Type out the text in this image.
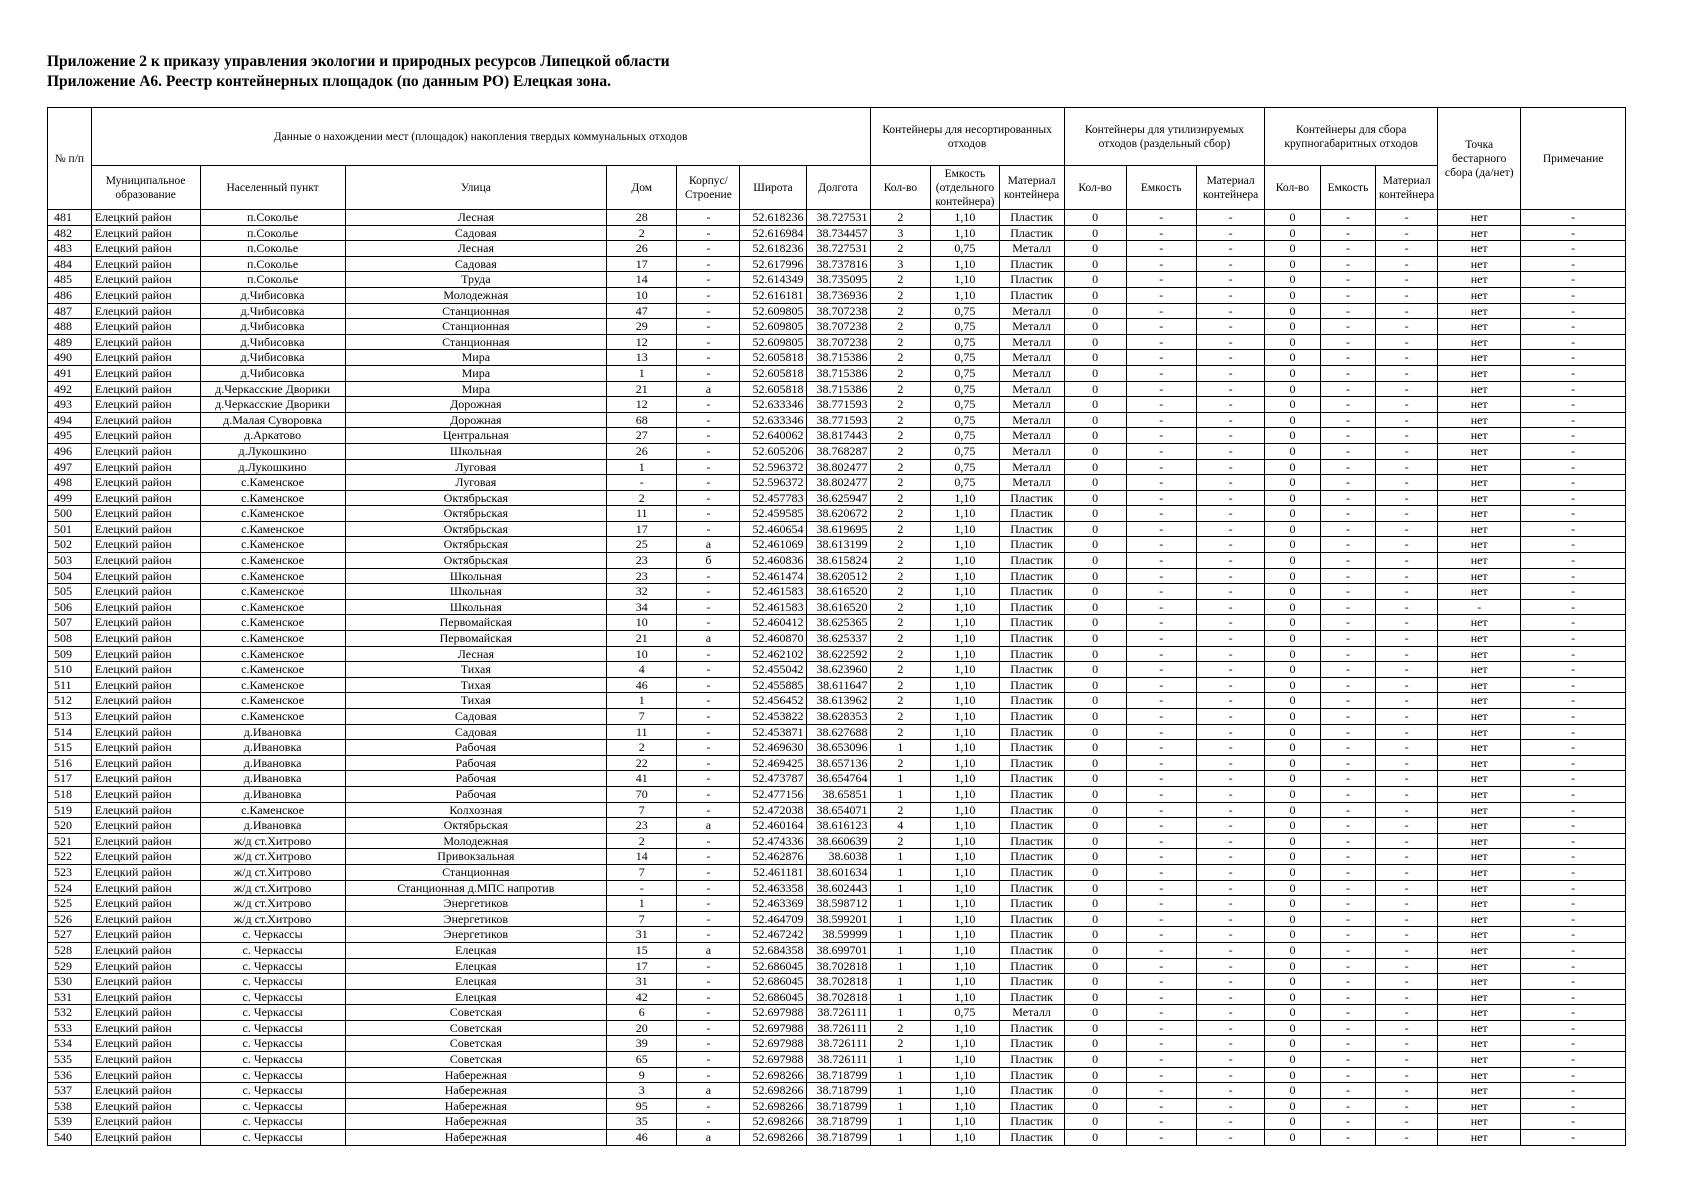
Приложение 2 к приказу управления экологии и природных ресурсов Липецкой области
Приложение А6. Реестр контейнерных площадок (по данным РО) Елецкая зона.
№ п/п	Данные о нахождении мест (площадок) накопления твердых коммунальных отходов							Контейнеры для несортированных отходов			Контейнеры для утилизируемых отходов (раздельный сбор)			Контейнеры для сбора крупногабаритных отходов			Точка бестарного сбора (да/нет)	Примечание
	Муниципальное образование	Населенный пункт	Улица	Дом	Корпус/ Строение	Широта	Долгота	Кол-во	Емкость (отдельного контейнера)	Материал контейнера	Кол-во	Емкость	Материал контейнера	Кол-во	Емкость	Материал контейнера		
481	Елецкий район	п.Соколье	Лесная	28	-	52.618236	38.727531	2	1,10	Пластик	0	-	-	0	-	-	нет	-
482	Елецкий район	п.Соколье	Садовая	2	-	52.616984	38.734457	3	1,10	Пластик	0	-	-	0	-	-	нет	-
483	Елецкий район	п.Соколье	Лесная	26	-	52.618236	38.727531	2	0,75	Металл	0	-	-	0	-	-	нет	-
484	Елецкий район	п.Соколье	Садовая	17	-	52.617996	38.737816	3	1,10	Пластик	0	-	-	0	-	-	нет	-
485	Елецкий район	п.Соколье	Труда	14	-	52.614349	38.735095	2	1,10	Пластик	0	-	-	0	-	-	нет	-
486	Елецкий район	д.Чибисовка	Молодежная	10	-	52.616181	38.736936	2	1,10	Пластик	0	-	-	0	-	-	нет	-
487	Елецкий район	д.Чибисовка	Станционная	47	-	52.609805	38.707238	2	0,75	Металл	0	-	-	0	-	-	нет	-
488	Елецкий район	д.Чибисовка	Станционная	29	-	52.609805	38.707238	2	0,75	Металл	0	-	-	0	-	-	нет	-
489	Елецкий район	д.Чибисовка	Станционная	12	-	52.609805	38.707238	2	0,75	Металл	0	-	-	0	-	-	нет	-
490	Елецкий район	д.Чибисовка	Мира	13	-	52.605818	38.715386	2	0,75	Металл	0	-	-	0	-	-	нет	-
491	Елецкий район	д.Чибисовка	Мира	1	-	52.605818	38.715386	2	0,75	Металл	0	-	-	0	-	-	нет	-
492	Елецкий район	д.Черкасские Дворики	Мира	21	а	52.605818	38.715386	2	0,75	Металл	0	-	-	0	-	-	нет	-
493	Елецкий район	д.Черкасские Дворики	Дорожная	12	-	52.633346	38.771593	2	0,75	Металл	0	-	-	0	-	-	нет	-
494	Елецкий район	д.Малая Суворовка	Дорожная	68	-	52.633346	38.771593	2	0,75	Металл	0	-	-	0	-	-	нет	-
495	Елецкий район	д.Аркатово	Центральная	27	-	52.640062	38.817443	2	0,75	Металл	0	-	-	0	-	-	нет	-
496	Елецкий район	д.Лукошкино	Школьная	26	-	52.605206	38.768287	2	0,75	Металл	0	-	-	0	-	-	нет	-
497	Елецкий район	д.Лукошкино	Луговая	1	-	52.596372	38.802477	2	0,75	Металл	0	-	-	0	-	-	нет	-
498	Елецкий район	с.Каменское	Луговая	-	-	52.596372	38.802477	2	0,75	Металл	0	-	-	0	-	-	нет	-
499	Елецкий район	с.Каменское	Октябрьская	2	-	52.457783	38.625947	2	1,10	Пластик	0	-	-	0	-	-	нет	-
500	Елецкий район	с.Каменское	Октябрьская	11	-	52.459585	38.620672	2	1,10	Пластик	0	-	-	0	-	-	нет	-
501	Елецкий район	с.Каменское	Октябрьская	17	-	52.460654	38.619695	2	1,10	Пластик	0	-	-	0	-	-	нет	-
502	Елецкий район	с.Каменское	Октябрьская	25	а	52.461069	38.613199	2	1,10	Пластик	0	-	-	0	-	-	нет	-
503	Елецкий район	с.Каменское	Октябрьская	23	б	52.460836	38.615824	2	1,10	Пластик	0	-	-	0	-	-	нет	-
504	Елецкий район	с.Каменское	Школьная	23	-	52.461474	38.620512	2	1,10	Пластик	0	-	-	0	-	-	нет	-
505	Елецкий район	с.Каменское	Школьная	32	-	52.461583	38.616520	2	1,10	Пластик	0	-	-	0	-	-	нет	-
506	Елецкий район	с.Каменское	Школьная	34	-	52.461583	38.616520	2	1,10	Пластик	0	-	-	0	-	-	-	-
507	Елецкий район	с.Каменское	Первомайская	10	-	52.460412	38.625365	2	1,10	Пластик	0	-	-	0	-	-	нет	-
508	Елецкий район	с.Каменское	Первомайская	21	а	52.460870	38.625337	2	1,10	Пластик	0	-	-	0	-	-	нет	-
509	Елецкий район	с.Каменское	Лесная	10	-	52.462102	38.622592	2	1,10	Пластик	0	-	-	0	-	-	нет	-
510	Елецкий район	с.Каменское	Тихая	4	-	52.455042	38.623960	2	1,10	Пластик	0	-	-	0	-	-	нет	-
511	Елецкий район	с.Каменское	Тихая	46	-	52.455885	38.611647	2	1,10	Пластик	0	-	-	0	-	-	нет	-
512	Елецкий район	с.Каменское	Тихая	1	-	52.456452	38.613962	2	1,10	Пластик	0	-	-	0	-	-	нет	-
513	Елецкий район	с.Каменское	Садовая	7	-	52.453822	38.628353	2	1,10	Пластик	0	-	-	0	-	-	нет	-
514	Елецкий район	д.Ивановка	Садовая	11	-	52.453871	38.627688	2	1,10	Пластик	0	-	-	0	-	-	нет	-
515	Елецкий район	д.Ивановка	Рабочая	2	-	52.469630	38.653096	1	1,10	Пластик	0	-	-	0	-	-	нет	-
516	Елецкий район	д.Ивановка	Рабочая	22	-	52.469425	38.657136	2	1,10	Пластик	0	-	-	0	-	-	нет	-
517	Елецкий район	д.Ивановка	Рабочая	41	-	52.473787	38.654764	1	1,10	Пластик	0	-	-	0	-	-	нет	-
518	Елецкий район	д.Ивановка	Рабочая	70	-	52.477156	38.65851	1	1,10	Пластик	0	-	-	0	-	-	нет	-
519	Елецкий район	с.Каменское	Колхозная	7	-	52.472038	38.654071	2	1,10	Пластик	0	-	-	0	-	-	нет	-
520	Елецкий район	д.Ивановка	Октябрьская	23	а	52.460164	38.616123	4	1,10	Пластик	0	-	-	0	-	-	нет	-
521	Елецкий район	ж/д ст.Хитрово	Молодежная	2	-	52.474336	38.660639	2	1,10	Пластик	0	-	-	0	-	-	нет	-
522	Елецкий район	ж/д ст.Хитрово	Привокзальная	14	-	52.462876	38.6038	1	1,10	Пластик	0	-	-	0	-	-	нет	-
523	Елецкий район	ж/д ст.Хитрово	Станционная	7	-	52.461181	38.601634	1	1,10	Пластик	0	-	-	0	-	-	нет	-
524	Елецкий район	ж/д ст.Хитрово	Станционная д.МПС напротив	-	-	52.463358	38.602443	1	1,10	Пластик	0	-	-	0	-	-	нет	-
525	Елецкий район	ж/д ст.Хитрово	Энергетиков	1	-	52.463369	38.598712	1	1,10	Пластик	0	-	-	0	-	-	нет	-
526	Елецкий район	ж/д ст.Хитрово	Энергетиков	7	-	52.464709	38.599201	1	1,10	Пластик	0	-	-	0	-	-	нет	-
527	Елецкий район	с. Черкассы	Энергетиков	31	-	52.467242	38.59999	1	1,10	Пластик	0	-	-	0	-	-	нет	-
528	Елецкий район	с. Черкассы	Елецкая	15	а	52.684358	38.699701	1	1,10	Пластик	0	-	-	0	-	-	нет	-
529	Елецкий район	с. Черкассы	Елецкая	17	-	52.686045	38.702818	1	1,10	Пластик	0	-	-	0	-	-	нет	-
530	Елецкий район	с. Черкассы	Елецкая	31	-	52.686045	38.702818	1	1,10	Пластик	0	-	-	0	-	-	нет	-
531	Елецкий район	с. Черкассы	Елецкая	42	-	52.686045	38.702818	1	1,10	Пластик	0	-	-	0	-	-	нет	-
532	Елецкий район	с. Черкассы	Советская	6	-	52.697988	38.726111	1	0,75	Металл	0	-	-	0	-	-	нет	-
533	Елецкий район	с. Черкассы	Советская	20	-	52.697988	38.726111	2	1,10	Пластик	0	-	-	0	-	-	нет	-
534	Елецкий район	с. Черкассы	Советская	39	-	52.697988	38.726111	2	1,10	Пластик	0	-	-	0	-	-	нет	-
535	Елецкий район	с. Черкассы	Советская	65	-	52.697988	38.726111	1	1,10	Пластик	0	-	-	0	-	-	нет	-
536	Елецкий район	с. Черкассы	Набережная	9	-	52.698266	38.718799	1	1,10	Пластик	0	-	-	0	-	-	нет	-
537	Елецкий район	с. Черкассы	Набережная	3	а	52.698266	38.718799	1	1,10	Пластик	0	-	-	0	-	-	нет	-
538	Елецкий район	с. Черкассы	Набережная	95	-	52.698266	38.718799	1	1,10	Пластик	0	-	-	0	-	-	нет	-
539	Елецкий район	с. Черкассы	Набережная	35	-	52.698266	38.718799	1	1,10	Пластик	0	-	-	0	-	-	нет	-
540	Елецкий район	с. Черкассы	Набережная	46	а	52.698266	38.718799	1	1,10	Пластик	0	-	-	0	-	-	нет	-
